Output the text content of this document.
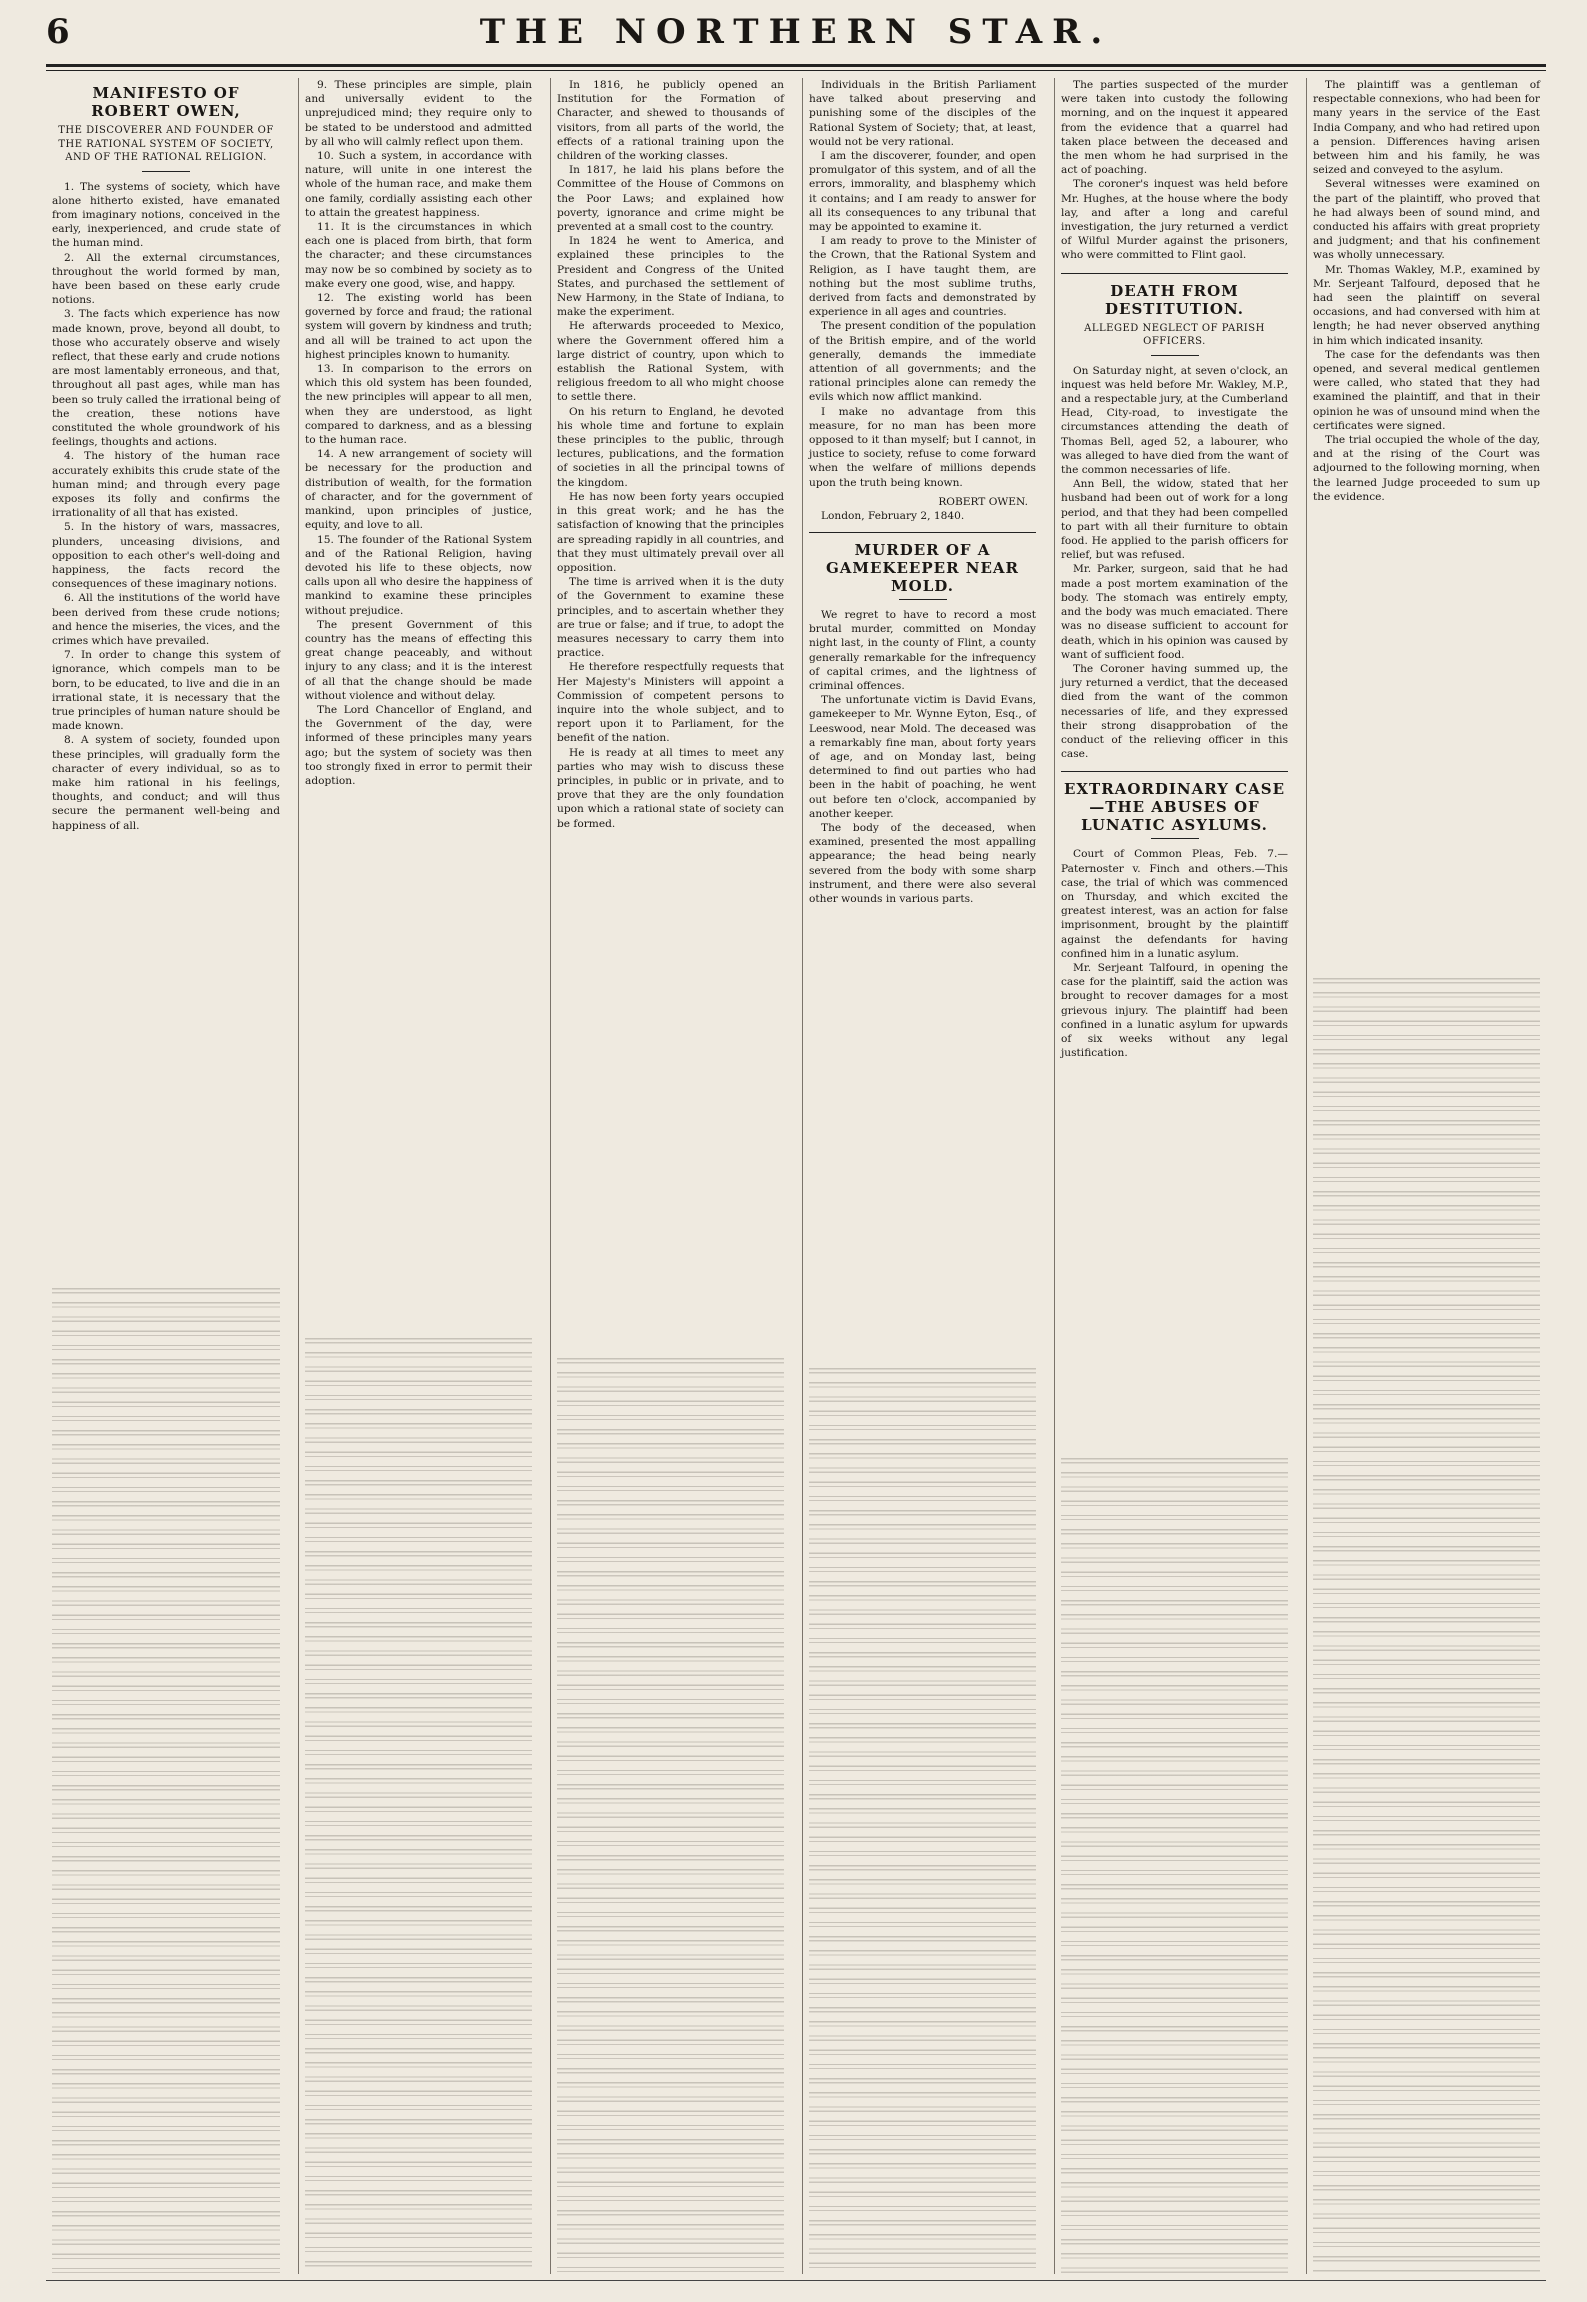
6	THE NORTHERN STAR.
MANIFESTO OF ROBERT OWEN,
THE DISCOVERER AND FOUNDER OF THE RATIONAL SYSTEM OF SOCIETY, AND OF THE RATIONAL RELIGION.

1. The systems of society, which have alone hitherto existed, have emanated from imaginary notions, conceived in the early, inexperienced, and crude state of the human mind.

2. All the external circumstances, throughout the world formed by man, have been based on these early crude notions.

3. The facts which experience has now made known, prove, beyond all doubt, to those who accurately observe and wisely reflect, that these early and crude notions are most lamentably erroneous, and that, throughout all past ages, while man has been so truly called the irrational being of the creation, these notions have constituted the whole groundwork of his feelings, thoughts and actions.

4. The history of the human race accurately exhibits this crude state of the human mind; and through every page exposes its folly and confirms the irrationality of all that has existed.

5. In the history of wars, massacres, plunders, unceasing divisions, and opposition to each other's well-doing and happiness, the facts record the consequences of these imaginary notions.

6. All the institutions of the world have been derived from these crude notions; and hence the miseries, the vices, and the crimes which have prevailed.

7. In order to change this system of ignorance, which compels man to be born, to be educated, to live and die in an irrational state, it is necessary that the true principles of human nature should be made known.

8. A system of society, founded upon these principles, will gradually form the character of every individual, so as to make him rational in his feelings, thoughts, and conduct; and will thus secure the permanent well-being and happiness of all.

9. These principles are simple, plain and universally evident to the unprejudiced mind; they require only to be stated to be understood and admitted by all who will calmly reflect upon them.

10. Such a system, in accordance with nature, will unite in one interest the whole of the human race, and make them one family, cordially assisting each other to attain the greatest happiness.

11. It is the circumstances in which each one is placed from birth, that form the character; and these circumstances may now be so combined by society as to make every one good, wise, and happy.

12. The existing world has been governed by force and fraud; the rational system will govern by kindness and truth; and all will be trained to act upon the highest principles known to humanity.

13. In comparison to the errors on which this old system has been founded, the new principles will appear to all men, when they are understood, as light compared to darkness, and as a blessing to the human race.

14. A new arrangement of society will be necessary for the production and distribution of wealth, for the formation of character, and for the government of mankind, upon principles of justice, equity, and love to all.

15. The founder of the Rational System and of the Rational Religion, having devoted his life to these objects, now calls upon all who desire the happiness of mankind to examine these principles without prejudice.

The present Government of this country has the means of effecting this great change peaceably, and without injury to any class; and it is the interest of all that the change should be made without violence and without delay.

The Lord Chancellor of England, and the Government of the day, were informed of these principles many years ago; but the system of society was then too strongly fixed in error to permit their adoption.

In 1816, he publicly opened an Institution for the Formation of Character, and shewed to thousands of visitors, from all parts of the world, the effects of a rational training upon the children of the working classes.

In 1817, he laid his plans before the Committee of the House of Commons on the Poor Laws; and explained how poverty, ignorance and crime might be prevented at a small cost to the country.

In 1824 he went to America, and explained these principles to the President and Congress of the United States, and purchased the settlement of New Harmony, in the State of Indiana, to make the experiment.

He afterwards proceeded to Mexico, where the Government offered him a large district of country, upon which to establish the Rational System, with religious freedom to all who might choose to settle there.

On his return to England, he devoted his whole time and fortune to explain these principles to the public, through lectures, publications, and the formation of societies in all the principal towns of the kingdom.

He has now been forty years occupied in this great work; and he has the satisfaction of knowing that the principles are spreading rapidly in all countries, and that they must ultimately prevail over all opposition.

The time is arrived when it is the duty of the Government to examine these principles, and to ascertain whether they are true or false; and if true, to adopt the measures necessary to carry them into practice.

He therefore respectfully requests that Her Majesty's Ministers will appoint a Commission of competent persons to inquire into the whole subject, and to report upon it to Parliament, for the benefit of the nation.

He is ready at all times to meet any parties who may wish to discuss these principles, in public or in private, and to prove that they are the only foundation upon which a rational state of society can be formed.

Individuals in the British Parliament have talked about preserving and punishing some of the disciples of the Rational System of Society; that, at least, would not be very rational.

I am the discoverer, founder, and open promulgator of this system, and of all the errors, immorality, and blasphemy which it contains; and I am ready to answer for all its consequences to any tribunal that may be appointed to examine it.

I am ready to prove to the Minister of the Crown, that the Rational System and Religion, as I have taught them, are nothing but the most sublime truths, derived from facts and demonstrated by experience in all ages and countries.

The present condition of the population of the British empire, and of the world generally, demands the immediate attention of all governments; and the rational principles alone can remedy the evils which now afflict mankind.

I make no advantage from this measure, for no man has been more opposed to it than myself; but I cannot, in justice to society, refuse to come forward when the welfare of millions depends upon the truth being known.

ROBERT OWEN.

London, February 2, 1840.

MURDER OF A GAMEKEEPER NEAR MOLD.

We regret to have to record a most brutal murder, committed on Monday night last, in the county of Flint, a county generally remarkable for the infrequency of capital crimes, and the lightness of criminal offences.

The unfortunate victim is David Evans, gamekeeper to Mr. Wynne Eyton, Esq., of Leeswood, near Mold. The deceased was a remarkably fine man, about forty years of age, and on Monday last, being determined to find out parties who had been in the habit of poaching, he went out before ten o'clock, accompanied by another keeper.

The body of the deceased, when examined, presented the most appalling appearance; the head being nearly severed from the body with some sharp instrument, and there were also several other wounds in various parts.

The parties suspected of the murder were taken into custody the following morning, and on the inquest it appeared from the evidence that a quarrel had taken place between the deceased and the men whom he had surprised in the act of poaching.

The coroner's inquest was held before Mr. Hughes, at the house where the body lay, and after a long and careful investigation, the jury returned a verdict of Wilful Murder against the prisoners, who were committed to Flint gaol.

DEATH FROM DESTITUTION.
ALLEGED NEGLECT OF PARISH OFFICERS.

On Saturday night, at seven o'clock, an inquest was held before Mr. Wakley, M.P., and a respectable jury, at the Cumberland Head, City-road, to investigate the circumstances attending the death of Thomas Bell, aged 52, a labourer, who was alleged to have died from the want of the common necessaries of life.

Ann Bell, the widow, stated that her husband had been out of work for a long period, and that they had been compelled to part with all their furniture to obtain food. He applied to the parish officers for relief, but was refused.

Mr. Parker, surgeon, said that he had made a post mortem examination of the body. The stomach was entirely empty, and the body was much emaciated. There was no disease sufficient to account for death, which in his opinion was caused by want of sufficient food.

The Coroner having summed up, the jury returned a verdict, that the deceased died from the want of the common necessaries of life, and they expressed their strong disapprobation of the conduct of the relieving officer in this case.

EXTRAORDINARY CASE—THE ABUSES OF LUNATIC ASYLUMS.

Court of Common Pleas, Feb. 7.—Paternoster v. Finch and others.—This case, the trial of which was commenced on Thursday, and which excited the greatest interest, was an action for false imprisonment, brought by the plaintiff against the defendants for having confined him in a lunatic asylum.

Mr. Serjeant Talfourd, in opening the case for the plaintiff, said the action was brought to recover damages for a most grievous injury. The plaintiff had been confined in a lunatic asylum for upwards of six weeks without any legal justification.

The plaintiff was a gentleman of respectable connexions, who had been for many years in the service of the East India Company, and who had retired upon a pension. Differences having arisen between him and his family, he was seized and conveyed to the asylum.

Several witnesses were examined on the part of the plaintiff, who proved that he had always been of sound mind, and conducted his affairs with great propriety and judgment; and that his confinement was wholly unnecessary.

Mr. Thomas Wakley, M.P., examined by Mr. Serjeant Talfourd, deposed that he had seen the plaintiff on several occasions, and had conversed with him at length; he had never observed anything in him which indicated insanity.

The case for the defendants was then opened, and several medical gentlemen were called, who stated that they had examined the plaintiff, and that in their opinion he was of unsound mind when the certificates were signed.

The trial occupied the whole of the day, and at the rising of the Court was adjourned to the following morning, when the learned Judge proceeded to sum up the evidence.
